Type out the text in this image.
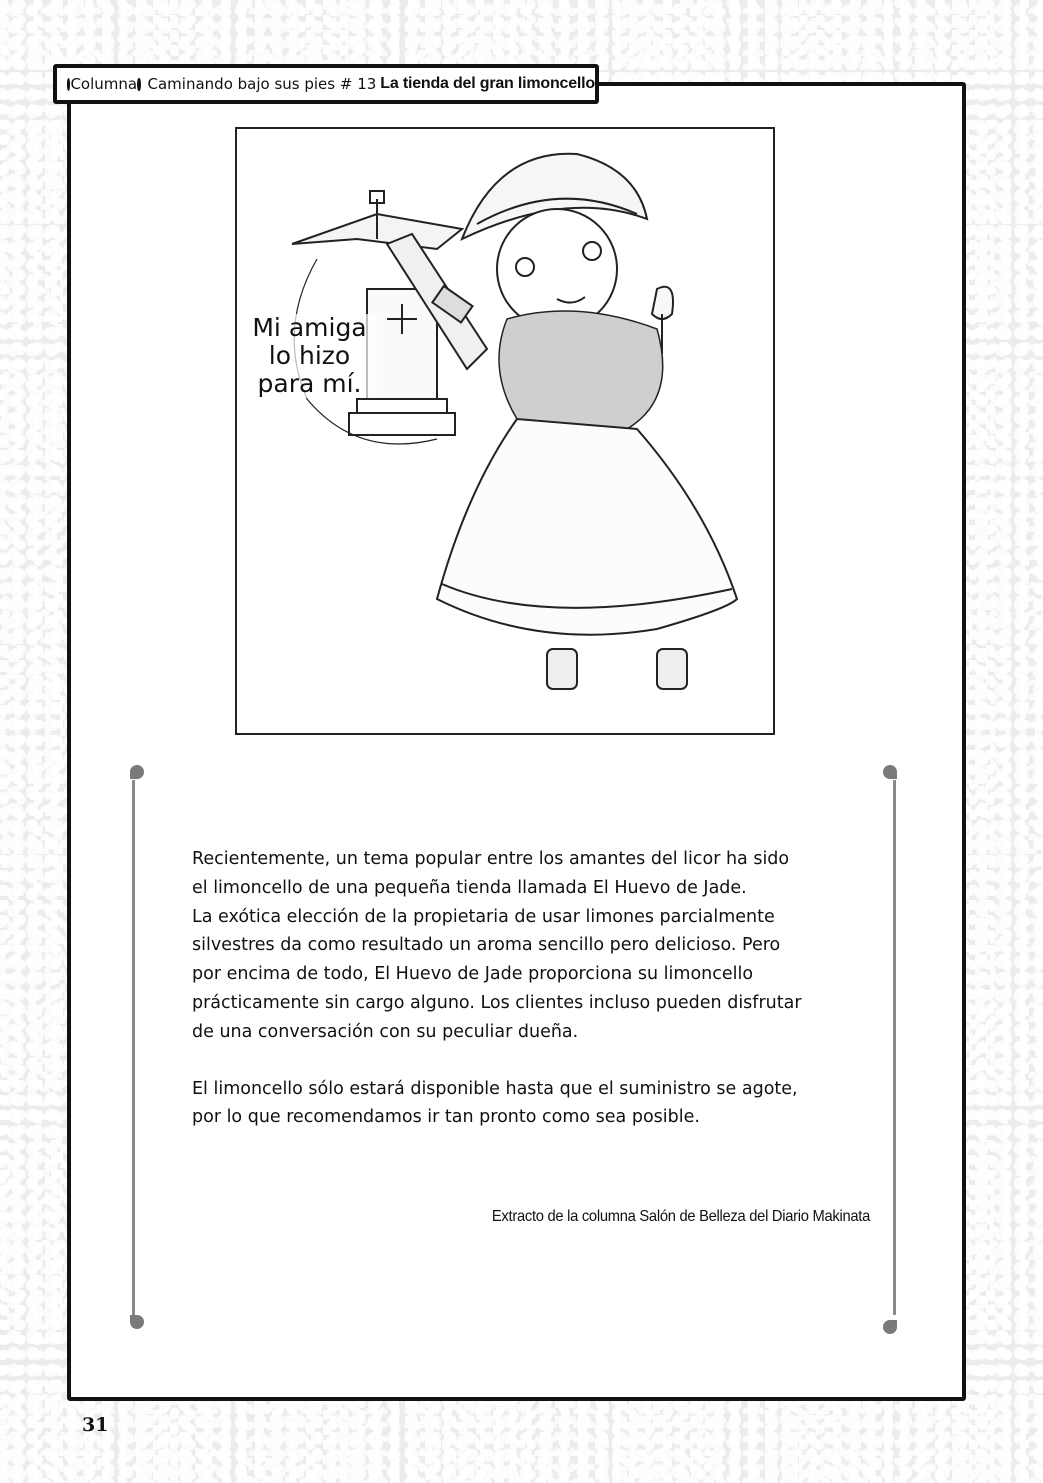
Columna Caminando bajo sus pies # 13 La tienda del gran limoncello
Mi amiga
lo hizo
para mí.

Recientemente, un tema popular entre los amantes del licor ha sido
el limoncello de una pequeña tienda llamada El Huevo de Jade.
La exótica elección de la propietaria de usar limones parcialmente
silvestres da como resultado un aroma sencillo pero delicioso. Pero
por encima de todo, El Huevo de Jade proporciona su limoncello
prácticamente sin cargo alguno. Los clientes incluso pueden disfrutar
de una conversación con su peculiar dueña.

El limoncello sólo estará disponible hasta que el suministro se agote,
por lo que recomendamos ir tan pronto como sea posible.

Extracto de la columna Salón de Belleza del Diario Makinata
31
